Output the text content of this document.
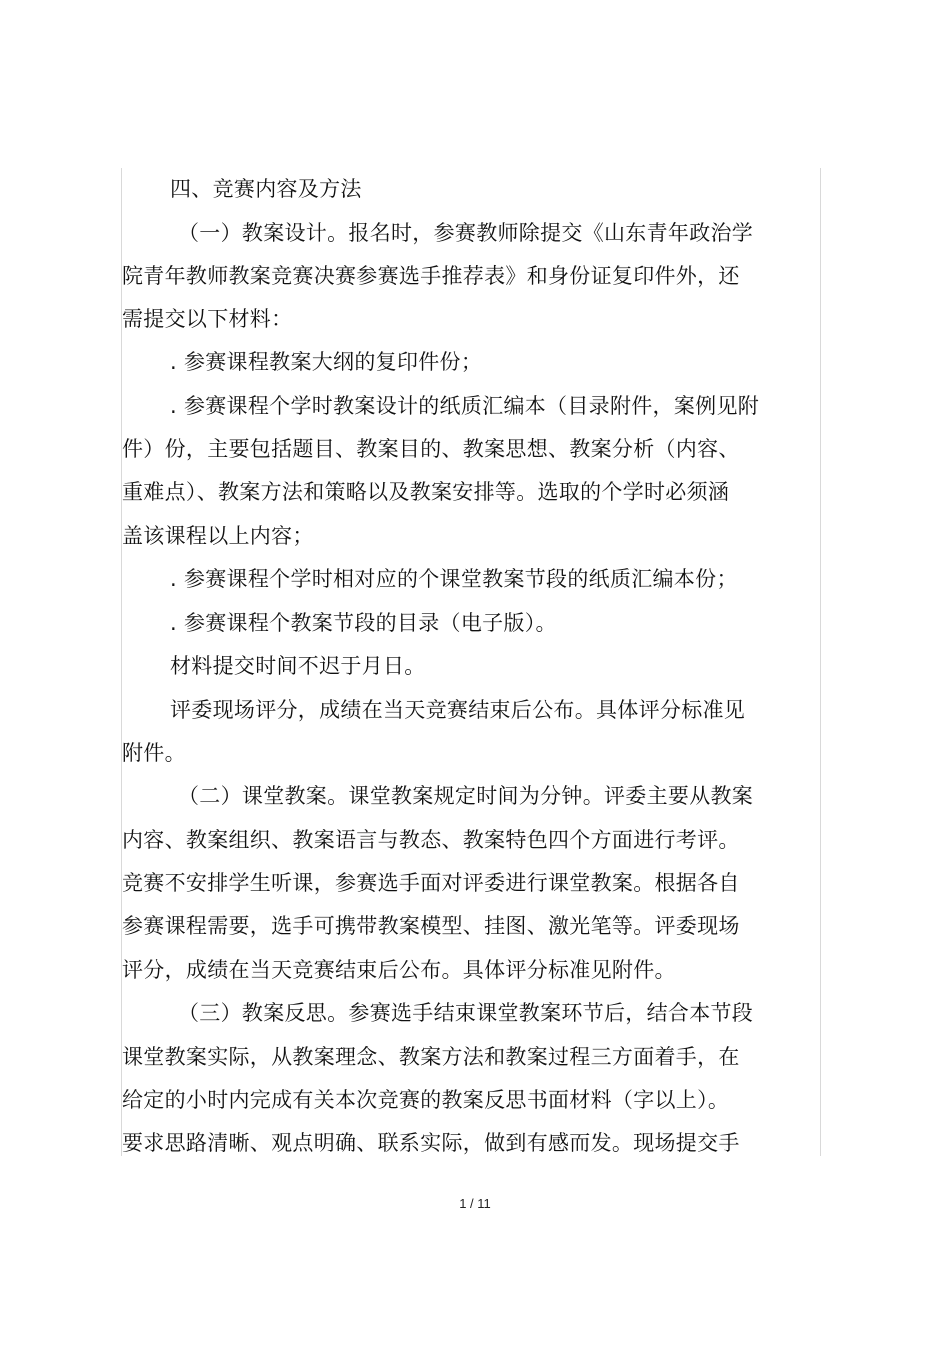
四、竞赛内容及方法
（一）教案设计。报名时，参赛教师除提交《山东青年政治学
院青年教师教案竞赛决赛参赛选手推荐表》和身份证复印件外，还
需提交以下材料：
. 参赛课程教案大纲的复印件份；
. 参赛课程个学时教案设计的纸质汇编本（目录附件，案例见附
件）份，主要包括题目、教案目的、教案思想、教案分析（内容、
重难点）、教案方法和策略以及教案安排等。选取的个学时必须涵
盖该课程以上内容；
. 参赛课程个学时相对应的个课堂教案节段的纸质汇编本份；
. 参赛课程个教案节段的目录（电子版）。
材料提交时间不迟于月日。
评委现场评分，成绩在当天竞赛结束后公布。具体评分标准见
附件。
（二）课堂教案。课堂教案规定时间为分钟。评委主要从教案
内容、教案组织、教案语言与教态、教案特色四个方面进行考评。
竞赛不安排学生听课，参赛选手面对评委进行课堂教案。根据各自
参赛课程需要，选手可携带教案模型、挂图、激光笔等。评委现场
评分，成绩在当天竞赛结束后公布。具体评分标准见附件。
（三）教案反思。参赛选手结束课堂教案环节后，结合本节段
课堂教案实际，从教案理念、教案方法和教案过程三方面着手，在
给定的小时内完成有关本次竞赛的教案反思书面材料（字以上）。
要求思路清晰、观点明确、联系实际，做到有感而发。现场提交手
1 / 11
